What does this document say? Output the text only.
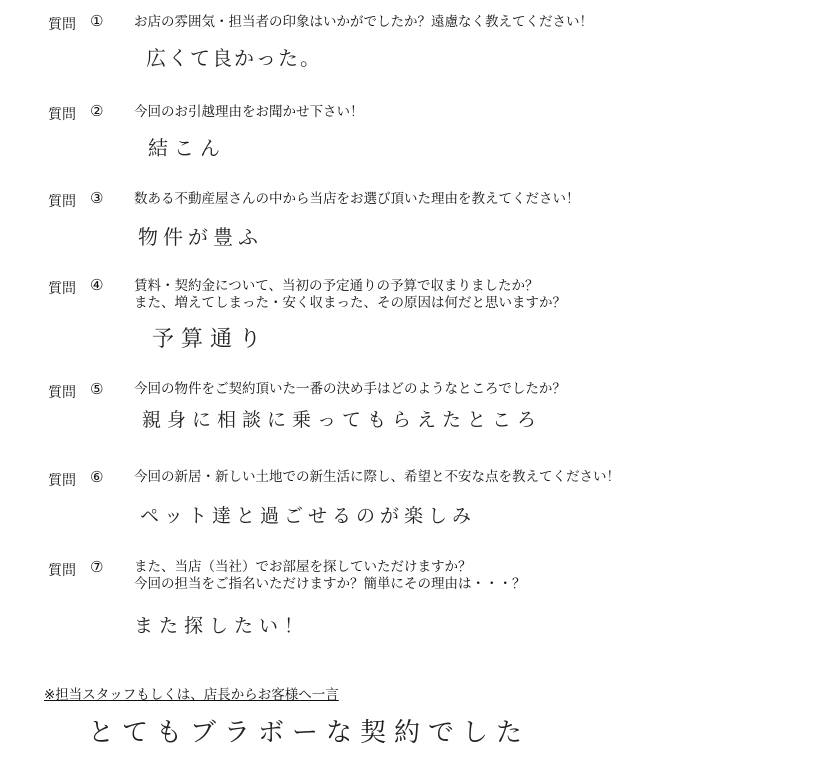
質問 ① お店の雰囲気・担当者の印象はいかがでしたか？遠慮なく教えてください！
広くて良かった。
質問 ② 今回のお引越理由をお聞かせ下さい！
結こん
質問 ③ 数ある不動産屋さんの中から当店をお選び頂いた理由を教えてください！
物件が豊ふ
質問 ④ 賃料・契約金について、当初の予定通りの予算で収まりましたか？
また、増えてしまった・安く収まった、その原因は何だと思いますか？
予算通り
質問 ⑤ 今回の物件をご契約頂いた一番の決め手はどのようなところでしたか？
親身に相談に乗ってもらえたところ
質問 ⑥ 今回の新居・新しい土地での新生活に際し、希望と不安な点を教えてください！
ペット達と過ごせるのが楽しみ
質問 ⑦ また、当店（当社）でお部屋を探していただけますか？
今回の担当をご指名いただけますか？簡単にその理由は・・・？
また探したい！
※担当スタッフもしくは、店長からお客様へ一言
とてもブラボーな契約でした
